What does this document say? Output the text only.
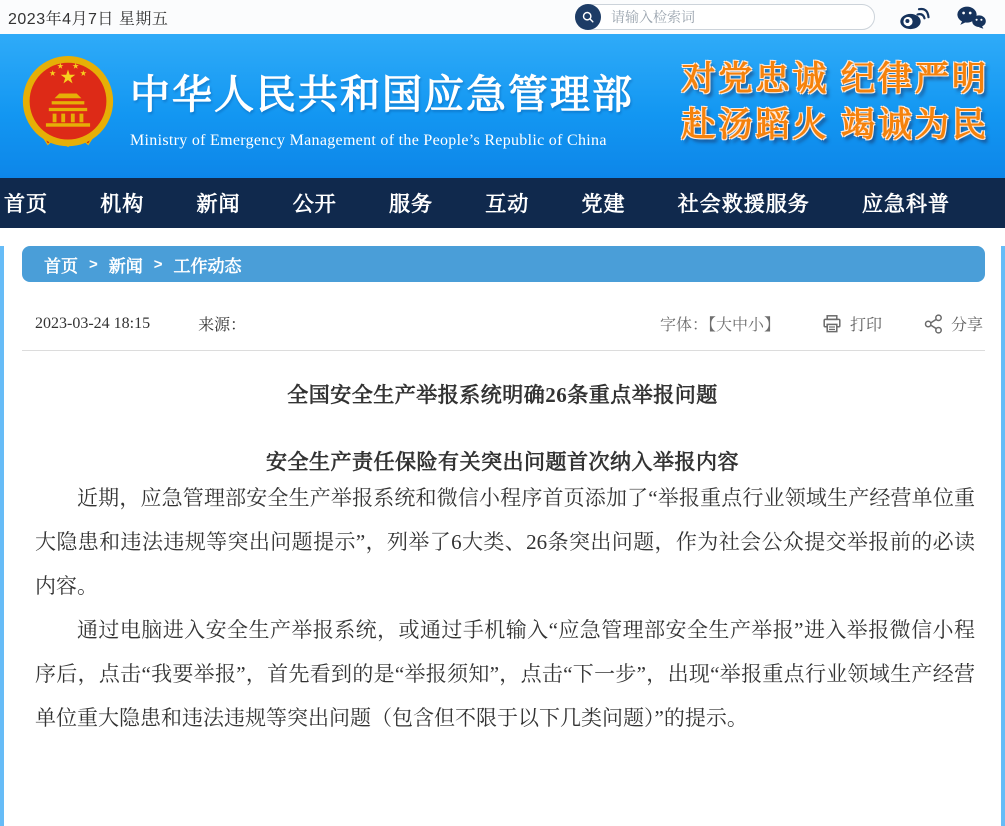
2023年4月7日 星期五
请输入检索词
中华人民共和国应急管理部
Ministry of Emergency Management of the People’s Republic of China
对党忠诚 纪律严明
赴汤蹈火 竭诚为民
首页 机构 新闻 公开 服务 互动 党建 社会救援服务 应急科普
首页 > 新闻 > 工作动态
2023-03-24 18:15	来源：	字体：【大中小】	打印	分享
全国安全生产举报系统明确26条重点举报问题
安全生产责任保险有关突出问题首次纳入举报内容

近期，应急管理部安全生产举报系统和微信小程序首页添加了“举报重点行业领域生产经营单位重大隐患和违法违规等突出问题提示”，列举了6大类、26条突出问题，作为社会公众提交举报前的必读内容。

通过电脑进入安全生产举报系统，或通过手机输入“应急管理部安全生产举报”进入举报微信小程序后，点击“我要举报”，首先看到的是“举报须知”，点击“下一步”，出现“举报重点行业领域生产经营单位重大隐患和违法违规等突出问题（包含但不限于以下几类问题）”的提示。
